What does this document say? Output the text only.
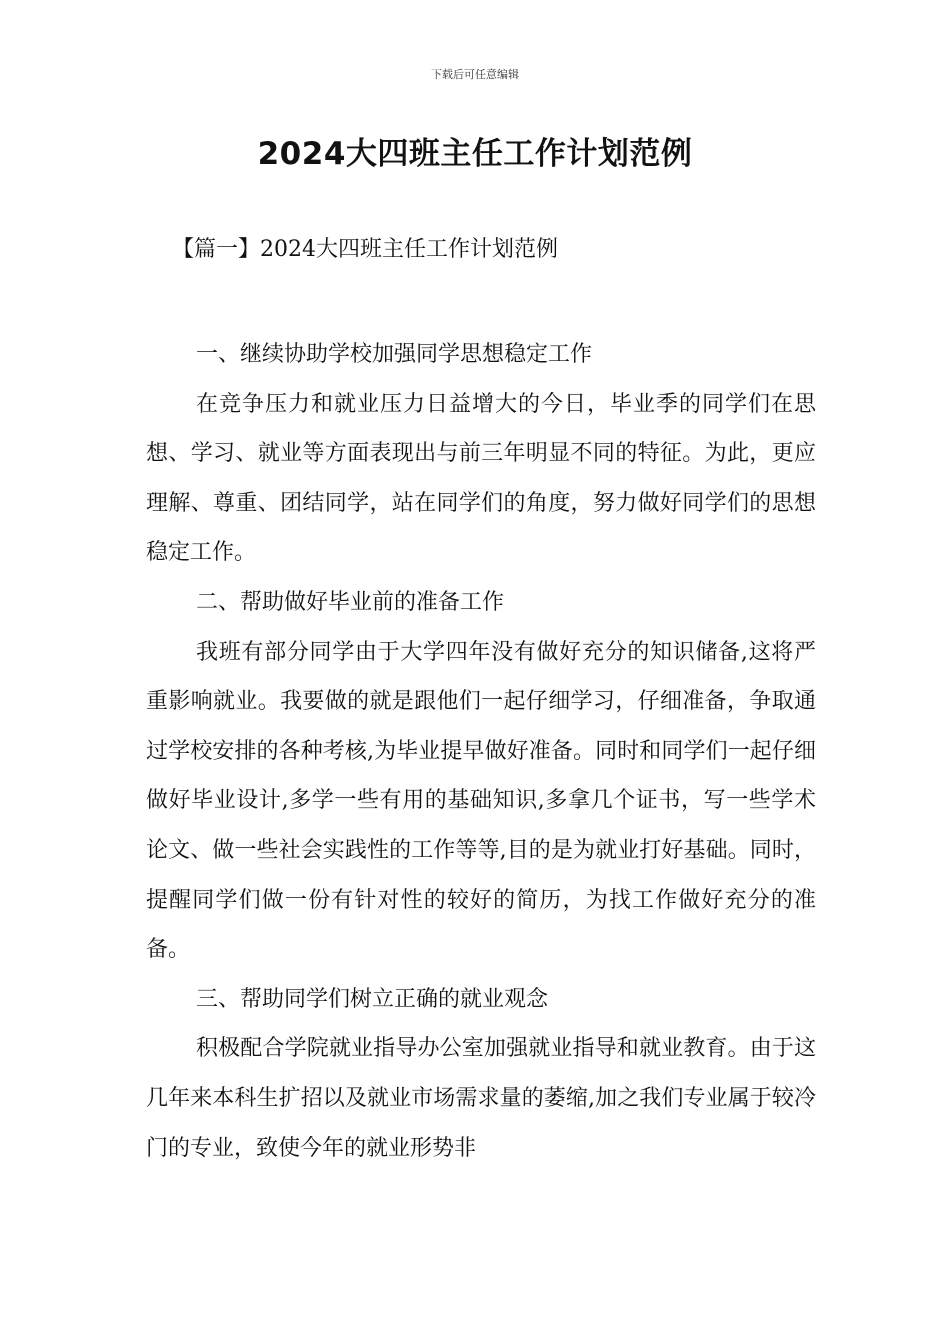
下载后可任意编辑
2024大四班主任工作计划范例
【篇一】2024大四班主任工作计划范例
一、继续协助学校加强同学思想稳定工作
在竞争压力和就业压力日益增大的今日，毕业季的同学们在思想、学习、就业等方面表现出与前三年明显不同的特征。为此，更应理解、尊重、团结同学，站在同学们的角度，努力做好同学们的思想稳定工作。
二、帮助做好毕业前的准备工作
我班有部分同学由于大学四年没有做好充分的知识储备,这将严重影响就业。我要做的就是跟他们一起仔细学习，仔细准备，争取通过学校安排的各种考核,为毕业提早做好准备。同时和同学们一起仔细做好毕业设计,多学一些有用的基础知识,多拿几个证书，写一些学术论文、做一些社会实践性的工作等等,目的是为就业打好基础。同时，提醒同学们做一份有针对性的较好的简历，为找工作做好充分的准备。
三、帮助同学们树立正确的就业观念
积极配合学院就业指导办公室加强就业指导和就业教育。由于这几年来本科生扩招以及就业市场需求量的萎缩,加之我们专业属于较冷门的专业，致使今年的就业形势非
